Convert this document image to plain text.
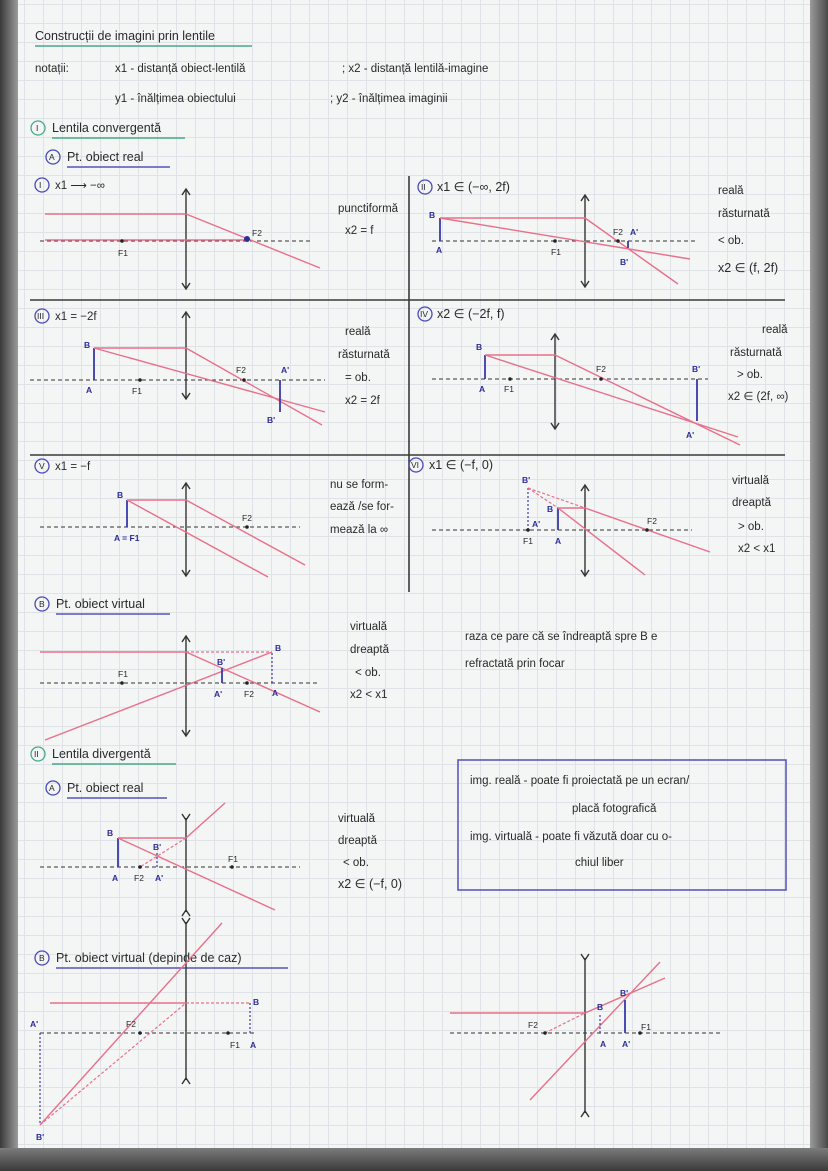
Construcții de imagini prin lentile
notații:	x1 - distanță obiect-lentilă	; x2 - distanță lentilă-imagine
y1 - înălțimea obiectului	; y2 - înălțimea imaginii
I Lentila convergentă
A Pt. obiect real
I x1 ⟶ −∞
F1
F2
punctiformă
x2 = f
II x1 ∈ (−∞, 2f)
B
A	F1
F2 A'
B'
reală
răsturnată
< ob.
x2 ∈ (f, 2f)
III x1 = −2f
B
A	F1
F2	A'
B'
reală
răsturnată
= ob.
x2 = 2f
IV x2 ∈ (−2f, f)
B
A F1
F2	B'
A'
reală
răsturnată
> ob.
x2 ∈ (2f, ∞)
V x1 = −f
B
A = F1
F2
nu se form-
ează /se for-
mează la ∞
VI x1 ∈ (−f, 0)
B'
A'
B
A
F1
F2
virtuală
dreaptă
> ob.
x2 < x1
B Pt. obiect virtual
B
A
B'
A'
F1
F2
virtuală
dreaptă
< ob.
x2 < x1
raza ce pare că se îndreaptă spre B e
refractată prin focar
II Lentila divergentă
A Pt. obiect real
B
A
B'
A'
F2
F1
virtuală
dreaptă
< ob.
x2 ∈ (−f, 0)
img. reală - poate fi proiectată pe un ecran/
placă fotografică
img. virtuală - poate fi văzută doar cu o-
chiul liber
B Pt. obiect virtual (depinde de caz)
B
A
A'
B'
F2
F1
B'
B
A A'
F2	F1
